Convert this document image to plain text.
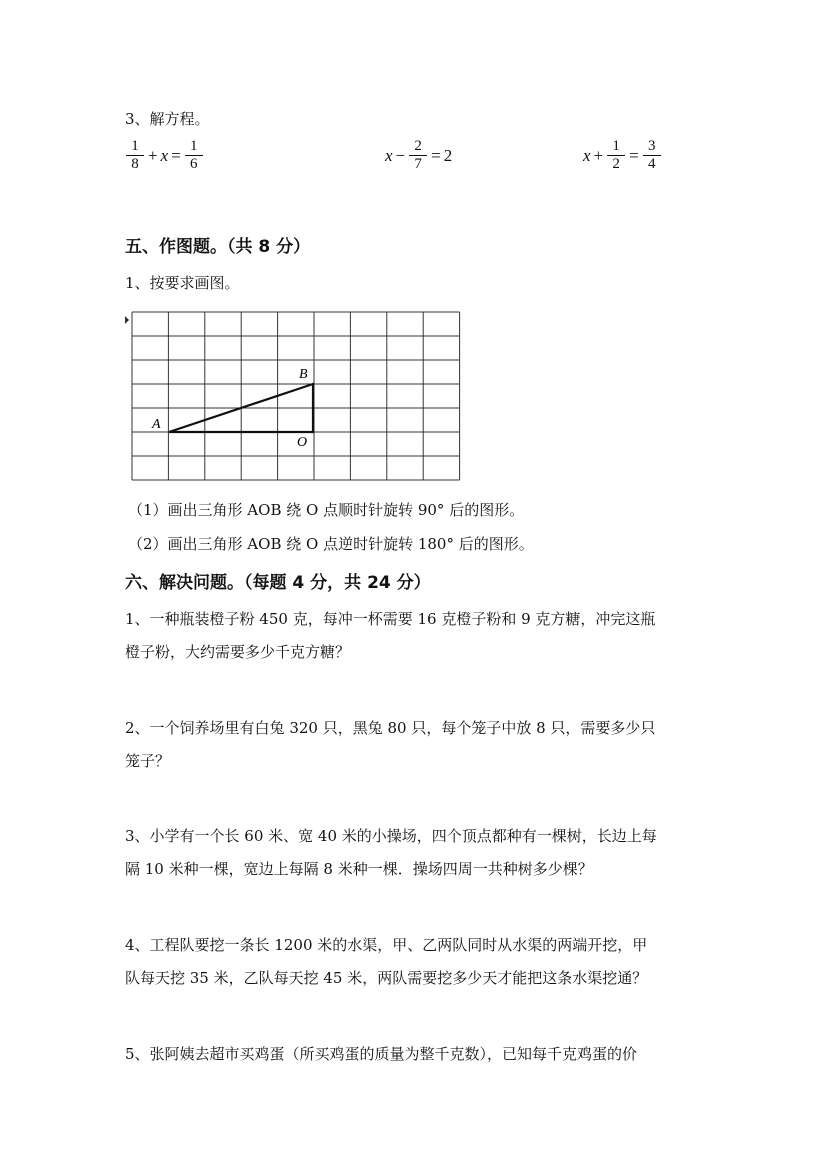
3、解方程。
$\frac{1}{8} + x = \frac{1}{6}$	$x - \frac{2}{7} = 2$	$x + \frac{1}{2} = \frac{3}{4}$
五、作图题。（共 8 分）
1、按要求画图。
A
B
O
（1）画出三角形 AOB 绕 O 点顺时针旋转 90° 后的图形。
（2）画出三角形 AOB 绕 O 点逆时针旋转 180° 后的图形。
六、解决问题。（每题 4 分，共 24 分）
1、一种瓶装橙子粉 450 克，每冲一杯需要 16 克橙子粉和 9 克方糖，冲完这瓶
橙子粉，大约需要多少千克方糖？
2、一个饲养场里有白兔 320 只，黑兔 80 只，每个笼子中放 8 只，需要多少只
笼子？
3、小学有一个长 60 米、宽 40 米的小操场，四个顶点都种有一棵树，长边上每
隔 10 米种一棵，宽边上每隔 8 米种一棵．操场四周一共种树多少棵？
4、工程队要挖一条长 1200 米的水渠，甲、乙两队同时从水渠的两端开挖，甲
队每天挖 35 米，乙队每天挖 45 米，两队需要挖多少天才能把这条水渠挖通？
5、张阿姨去超市买鸡蛋（所买鸡蛋的质量为整千克数），已知每千克鸡蛋的价
